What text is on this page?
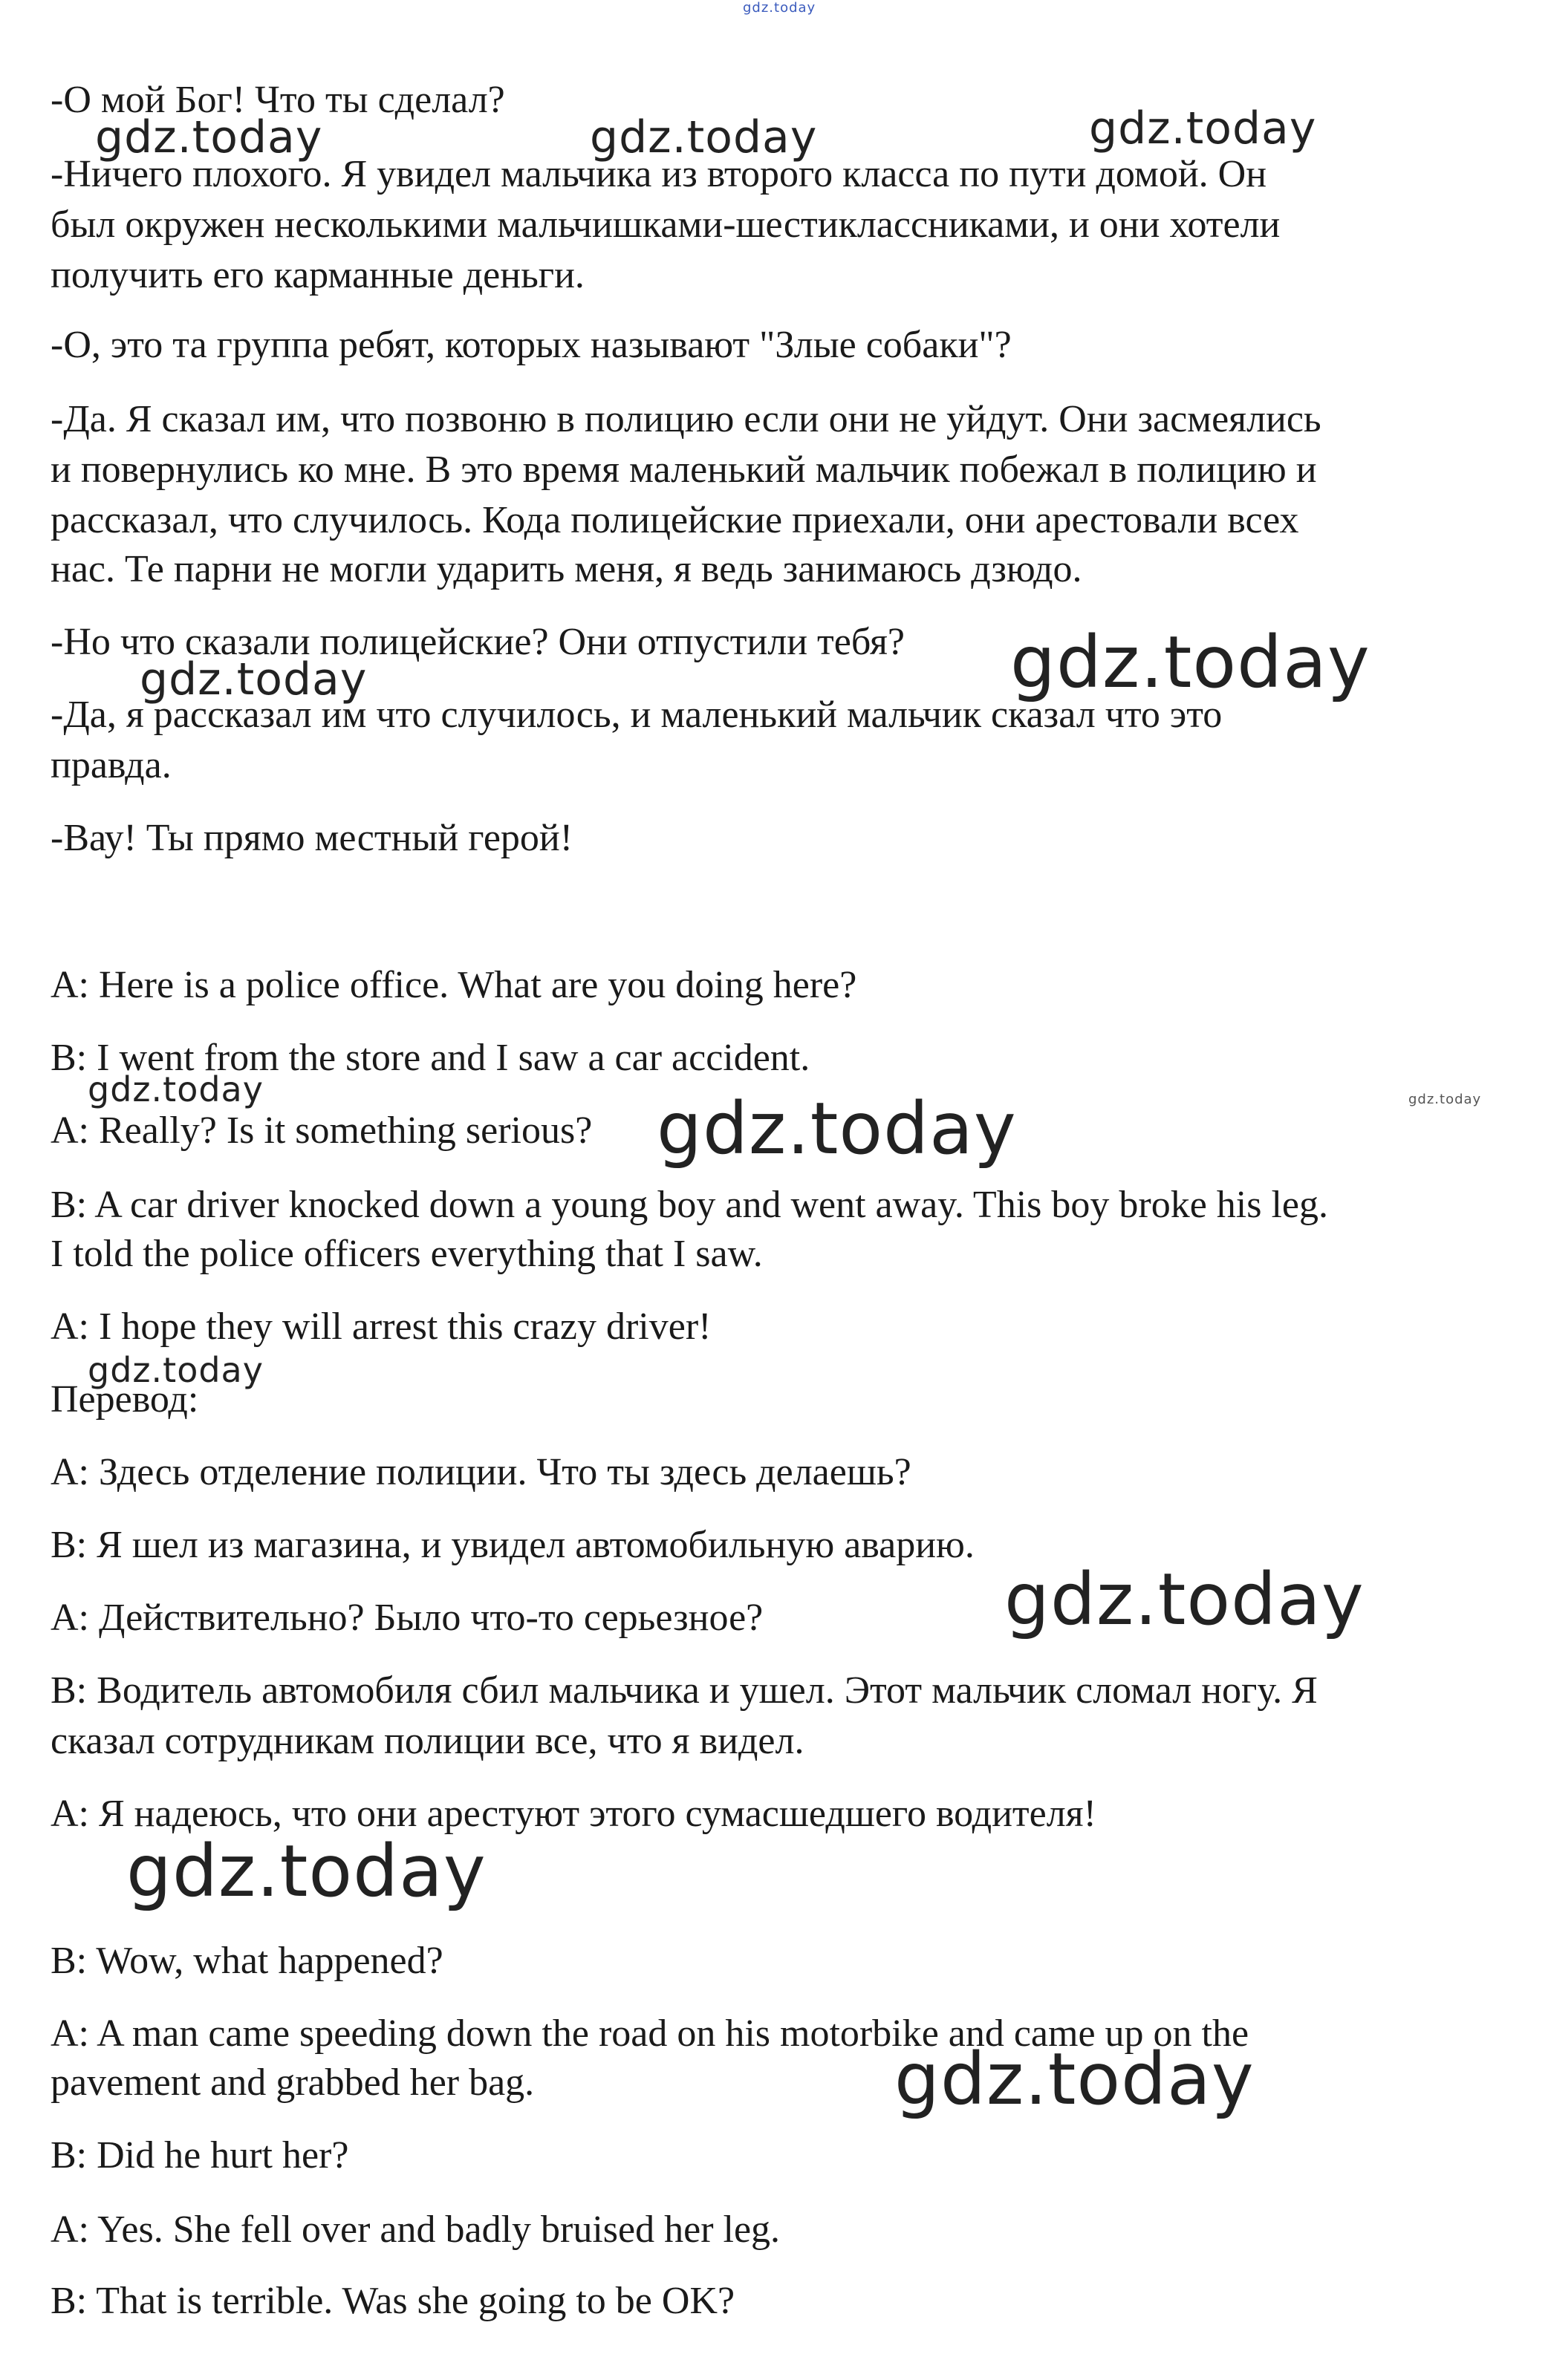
gdz.today
gdz.today	gdz.today	gdz.today
gdz.today	gdz.today
gdz.today	gdz.today
gdz.today
gdz.today
gdz.today
gdz.today
gdz.today
-О мой Бог! Что ты сделал?
-Ничего плохого. Я увидел мальчика из второго класса по пути домой. Он
был окружен несколькими мальчишками-шестиклассниками, и они хотели
получить его карманные деньги.
-О, это та группа ребят, которых называют "Злые собаки"?
-Да. Я сказал им, что позвоню в полицию если они не уйдут. Они засмеялись
и повернулись ко мне. В это время маленький мальчик побежал в полицию и
рассказал, что случилось. Кода полицейские приехали, они арестовали всех
нас. Те парни не могли ударить меня, я ведь занимаюсь дзюдо.
-Но что сказали полицейские? Они отпустили тебя?
-Да, я рассказал им что случилось, и маленький мальчик сказал что это
правда.
-Вау! Ты прямо местный герой!
A: Here is a police office. What are you doing here?
B: I went from the store and I saw a car accident.
A: Really? Is it something serious?
B: A car driver knocked down a young boy and went away. This boy broke his leg.
I told the police officers everything that I saw.
A: I hope they will arrest this crazy driver!
Перевод:
A: Здесь отделение полиции. Что ты здесь делаешь?
B: Я шел из магазина, и увидел автомобильную аварию.
A: Действительно? Было что-то серьезное?
B: Водитель автомобиля сбил мальчика и ушел. Этот мальчик сломал ногу. Я
сказал сотрудникам полиции все, что я видел.
A: Я надеюсь, что они арестуют этого сумасшедшего водителя!
B: Wow, what happened?
A: A man came speeding down the road on his motorbike and came up on the
pavement and grabbed her bag.
B: Did he hurt her?
A: Yes. She fell over and badly bruised her leg.
B: That is terrible. Was she going to be OK?
